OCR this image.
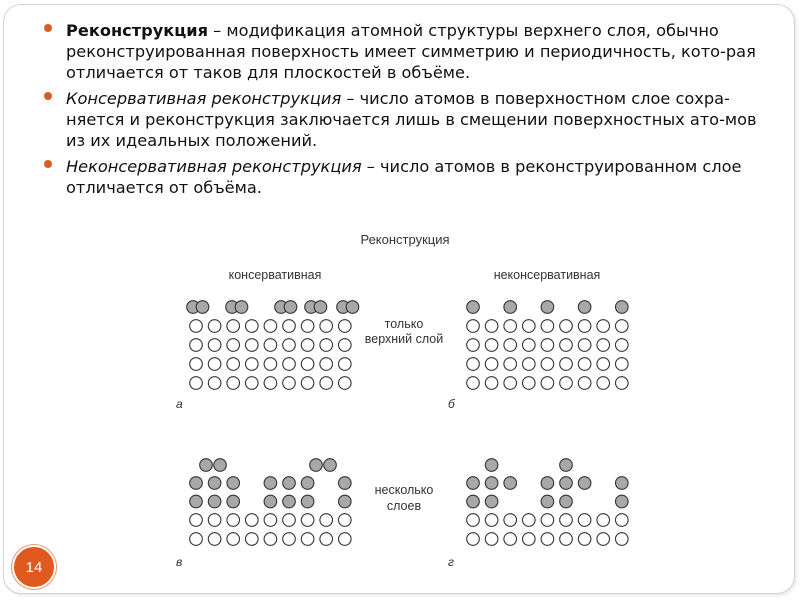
Реконструкция – модификация атомной структуры верхнего слоя, обычно реконструированная поверхность имеет симметрию и периодичность, кото-рая отличается от таков для плоскостей в объёме.
Консервативная реконструкция – число атомов в поверхностном слое сохра-няется и реконструкция заключается лишь в смещении поверхностных ато-мов из их идеальных положений.
Неконсервативная реконструкция – число атомов в реконструированном слое отличается от объёма.
Реконструкция
консервативная	неконсервативная
только
верхний слой
несколько
слоев
а	б
в	г
14
